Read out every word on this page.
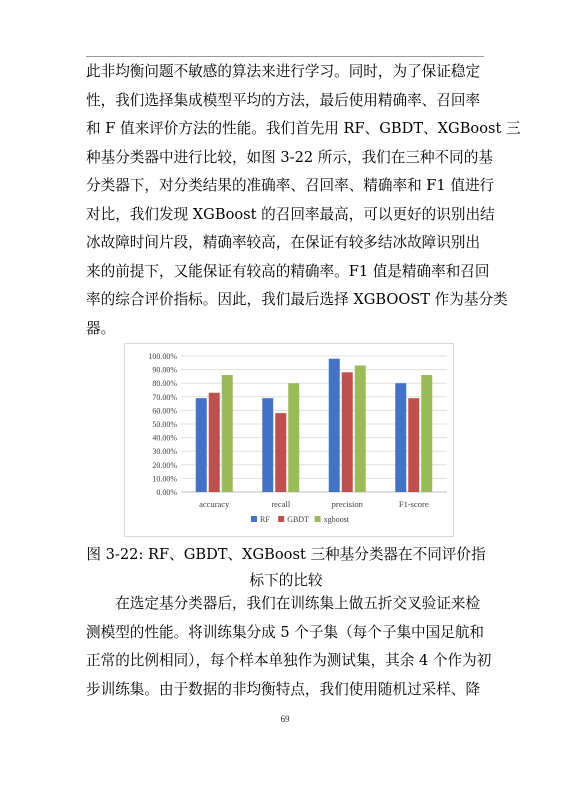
此非均衡问题不敏感的算法来进行学习。同时，为了保证稳定
性，我们选择集成模型平均的方法，最后使用精确率、召回率
和 F 值来评价方法的性能。我们首先用 RF、GBDT、XGBoost 三
种基分类器中进行比较，如图 3-22 所示，我们在三种不同的基
分类器下，对分类结果的准确率、召回率、精确率和 F1 值进行
对比，我们发现 XGBoost 的召回率最高，可以更好的识别出结
冰故障时间片段，精确率较高，在保证有较多结冰故障识别出
来的前提下，又能保证有较高的精确率。F1 值是精确率和召回
率的综合评价指标。因此，我们最后选择 XGBOOST 作为基分类
器。
0.00%
10.00%
20.00%
30.00%
40.00%
50.00%
60.00%
70.00%
80.00%
90.00%
100.00%
accuracy	recall	precision	F1-score
RF GBDT xgboost
图 3-22: RF、GBDT、XGBoost 三种基分类器在不同评价指
标下的比较
　　在选定基分类器后，我们在训练集上做五折交叉验证来检
测模型的性能。将训练集分成 5 个子集（每个子集中国足航和
正常的比例相同），每个样本单独作为测试集，其余 4 个作为初
步训练集。由于数据的非均衡特点，我们使用随机过采样、降
69
